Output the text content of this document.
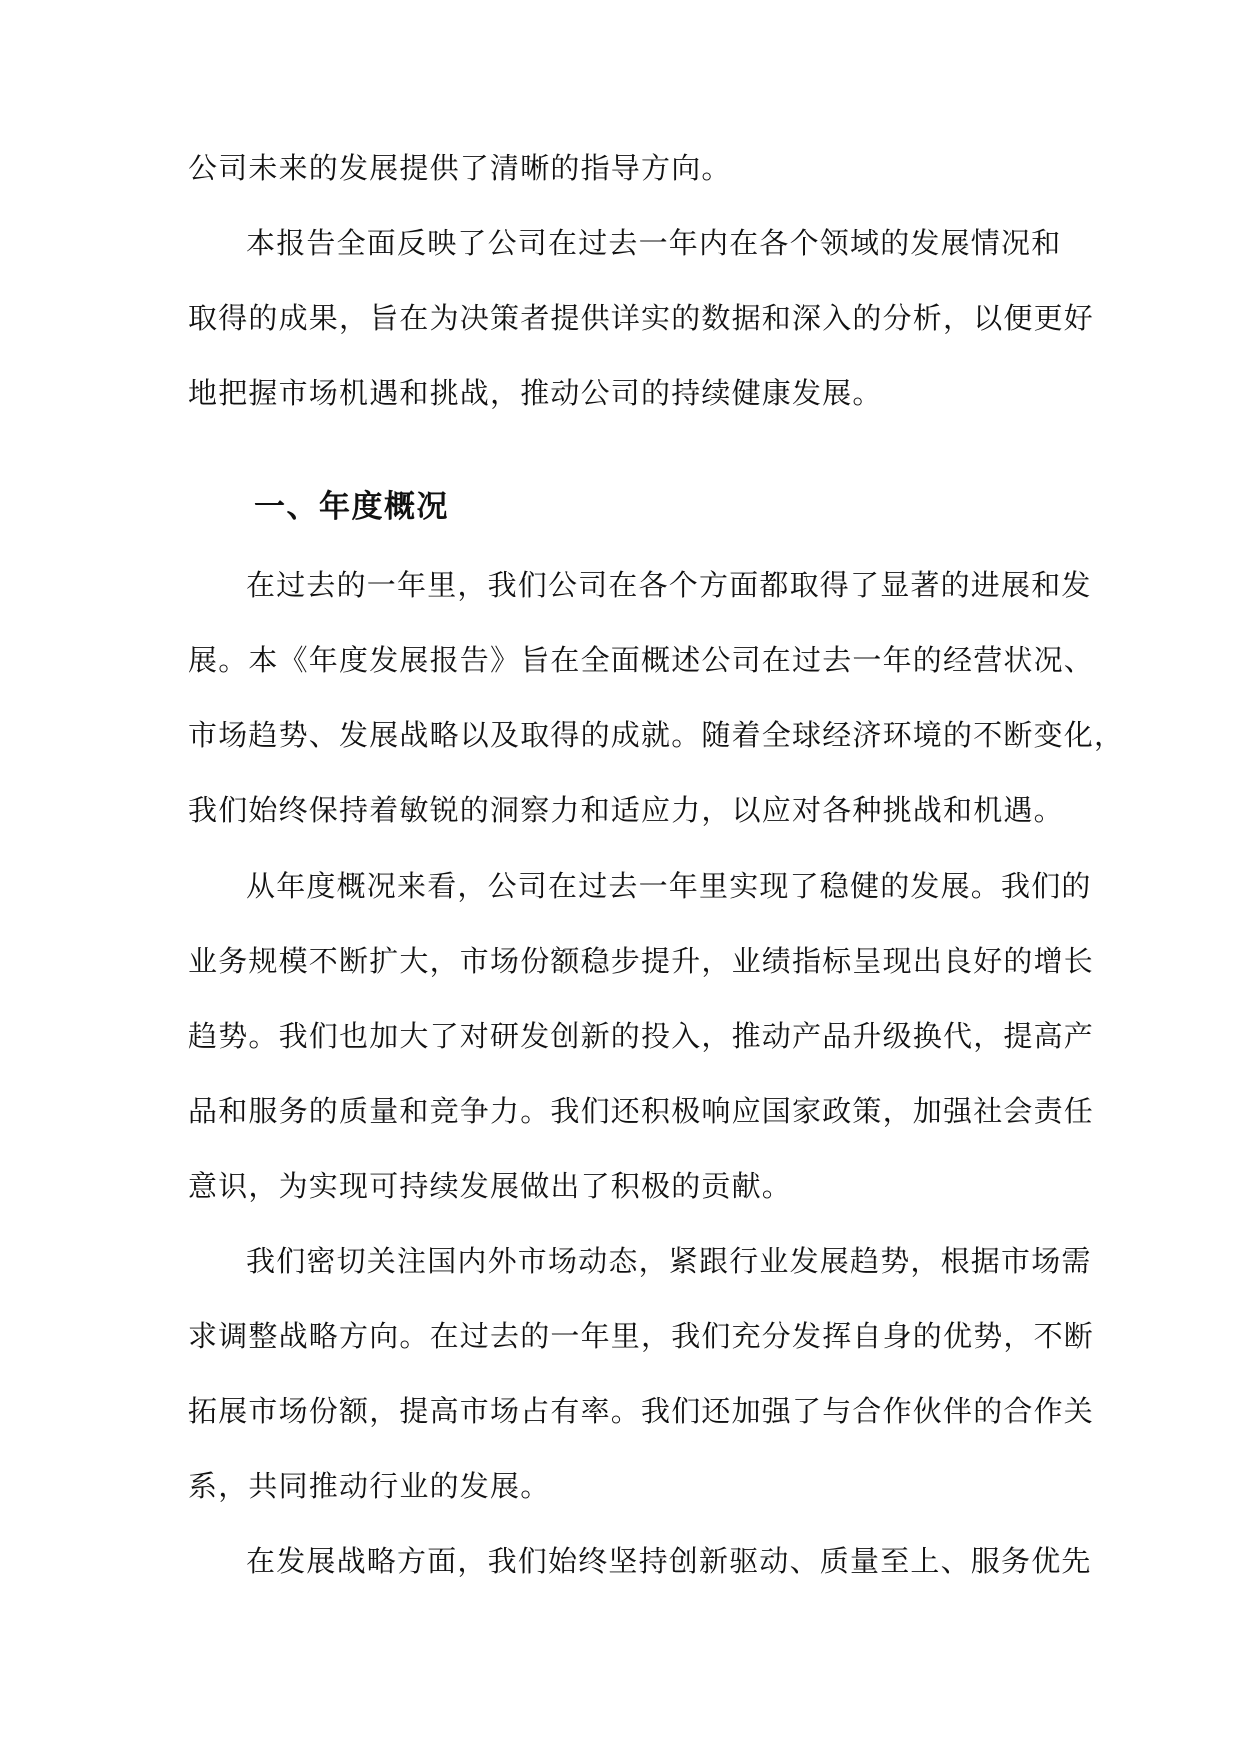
公司未来的发展提供了清晰的指导方向。
本报告全面反映了公司在过去一年内在各个领域的发展情况和
取得的成果，旨在为决策者提供详实的数据和深入的分析，以便更好
地把握市场机遇和挑战，推动公司的持续健康发展。
一、年度概况
在过去的一年里，我们公司在各个方面都取得了显著的进展和发
展。本《年度发展报告》旨在全面概述公司在过去一年的经营状况、
市场趋势、发展战略以及取得的成就。随着全球经济环境的不断变化，
我们始终保持着敏锐的洞察力和适应力，以应对各种挑战和机遇。
从年度概况来看，公司在过去一年里实现了稳健的发展。我们的
业务规模不断扩大，市场份额稳步提升，业绩指标呈现出良好的增长
趋势。我们也加大了对研发创新的投入，推动产品升级换代，提高产
品和服务的质量和竞争力。我们还积极响应国家政策，加强社会责任
意识，为实现可持续发展做出了积极的贡献。
我们密切关注国内外市场动态，紧跟行业发展趋势，根据市场需
求调整战略方向。在过去的一年里，我们充分发挥自身的优势，不断
拓展市场份额，提高市场占有率。我们还加强了与合作伙伴的合作关
系，共同推动行业的发展。
在发展战略方面，我们始终坚持创新驱动、质量至上、服务优先
